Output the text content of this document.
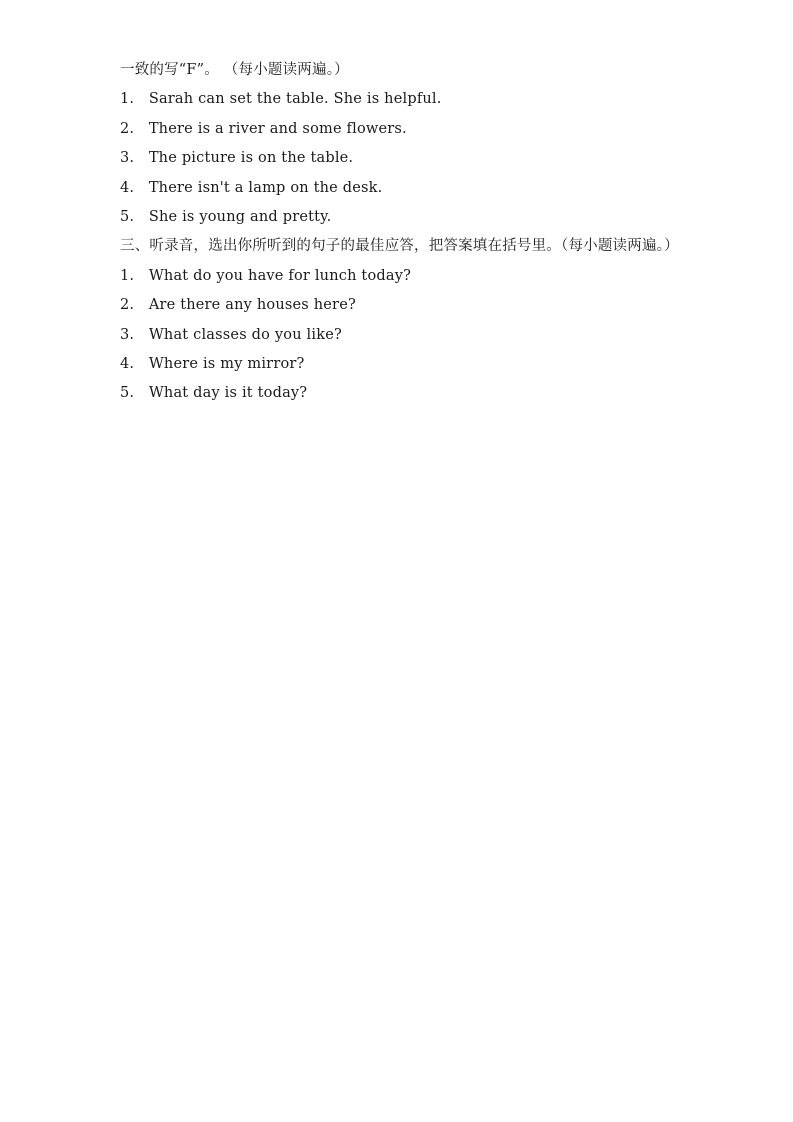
一致的写“F”。 （每小题读两遍。）
1. Sarah can set the table. She is helpful.
2. There is a river and some flowers.
3. The picture is on the table.
4. There isn't a lamp on the desk.
5. She is young and pretty.
三、听录音，选出你所听到的句子的最佳应答，把答案填在括号里。（每小题读两遍。）
1. What do you have for lunch today?
2. Are there any houses here?
3. What classes do you like?
4. Where is my mirror?
5. What day is it today?
